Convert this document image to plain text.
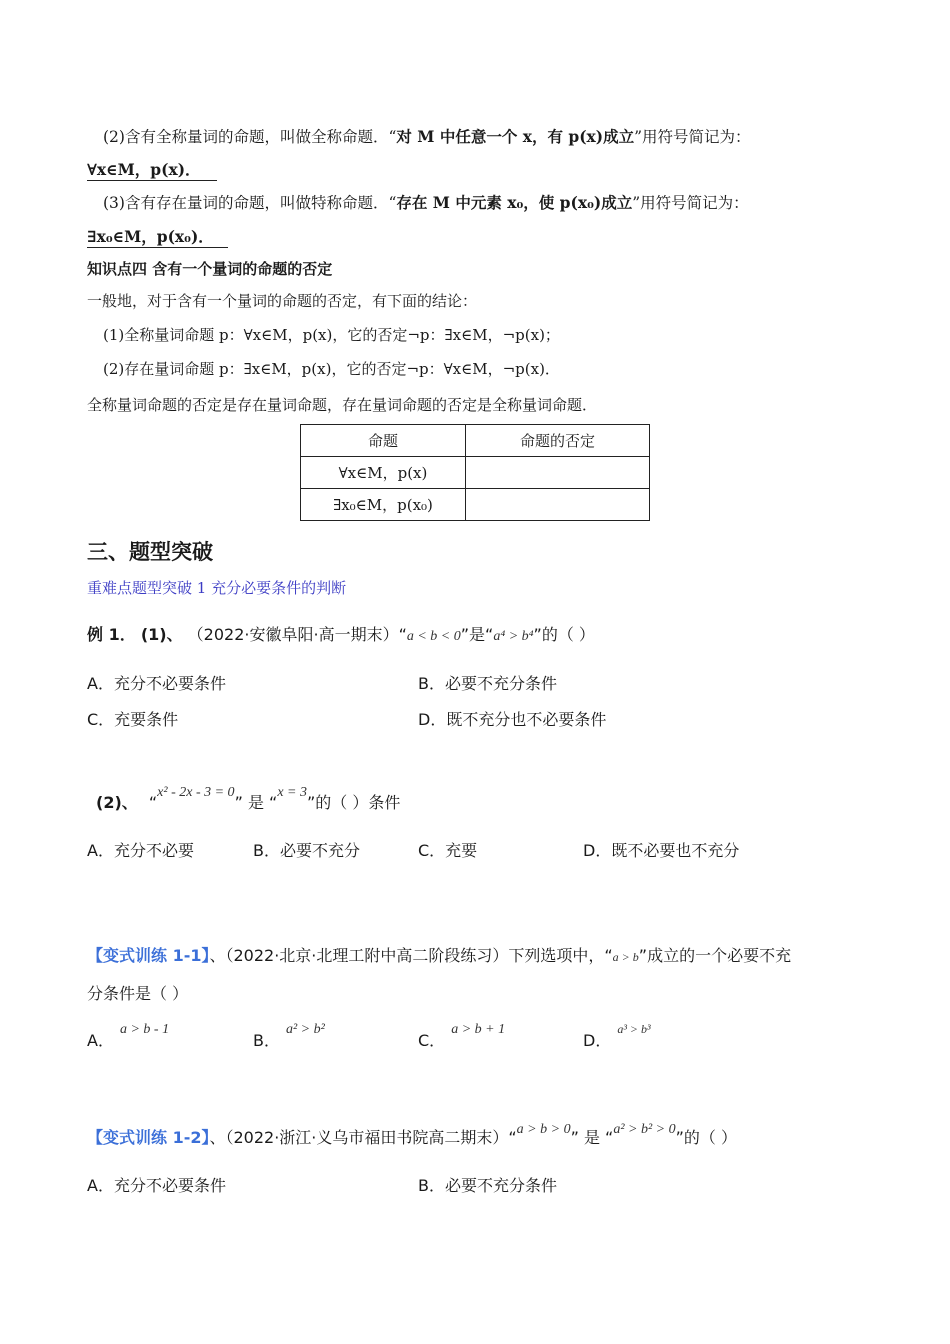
(2)含有全称量词的命题，叫做全称命题．“对 M 中任意一个 x，有 p(x)成立”用符号简记为：
∀x∈M，p(x)．
(3)含有存在量词的命题，叫做特称命题．“存在 M 中元素 x₀，使 p(x₀)成立”用符号简记为：
∃x₀∈M，p(x₀)．
知识点四 含有一个量词的命题的否定
一般地，对于含有一个量词的命题的否定，有下面的结论：
(1)全称量词命题 p：∀x∈M，p(x)，它的否定¬p：∃x∈M，¬p(x)；
(2)存在量词命题 p：∃x∈M，p(x)，它的否定¬p：∀x∈M，¬p(x)．
全称量词命题的否定是存在量词命题，存在量词命题的否定是全称量词命题．
命题	命题的否定
∀x∈M，p(x)	
∃x₀∈M，p(x₀)	
三、题型突破
重难点题型突破 1 充分必要条件的判断
例 1． (1)、 （2022·安徽阜阳·高一期末）“a < b < 0”是“a⁴ > b⁴”的（ ）
A．充分不必要条件	B．必要不充分条件
C．充要条件	D．既不充分也不必要条件
(2)、 “x² - 2x - 3 = 0” 是 “x = 3”的（ ）条件
A．充分不必要	B．必要不充分	C．充要	D．既不必要也不充分
【变式训练 1-1】、（2022·北京·北理工附中高二阶段练习）下列选项中，“a > b”成立的一个必要不充
分条件是（ ）
A．a > b - 1
B．a² > b²
C．a > b + 1
D．$^{a^3 > b^3}$
【变式训练 1-2】、（2022·浙江·义乌市福田书院高二期末）“a > b > 0” 是 “a² > b² > 0”的（ ）
A．充分不必要条件	B．必要不充分条件
